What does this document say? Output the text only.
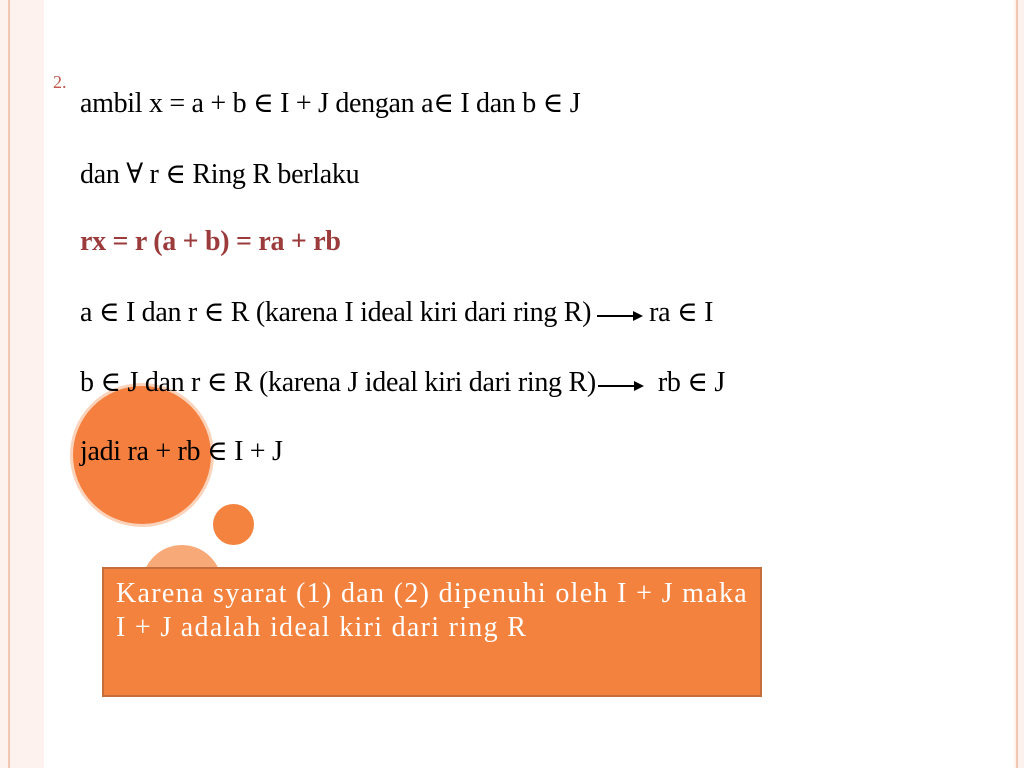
2.
ambil x = a + b ∈ I + J dengan a∈ I dan b ∈ J
dan ∀ r ∈ Ring R berlaku
rx = r (a + b) = ra + rb
a ∈ I dan r ∈ R (karena I ideal kiri dari ring R) ra ∈ I
b ∈ J dan r ∈ R (karena J ideal kiri dari ring R) rb ∈ J
jadi ra + rb ∈ I + J
Karena syarat (1) dan (2) dipenuhi oleh I + J maka I + J adalah ideal kiri dari ring R
